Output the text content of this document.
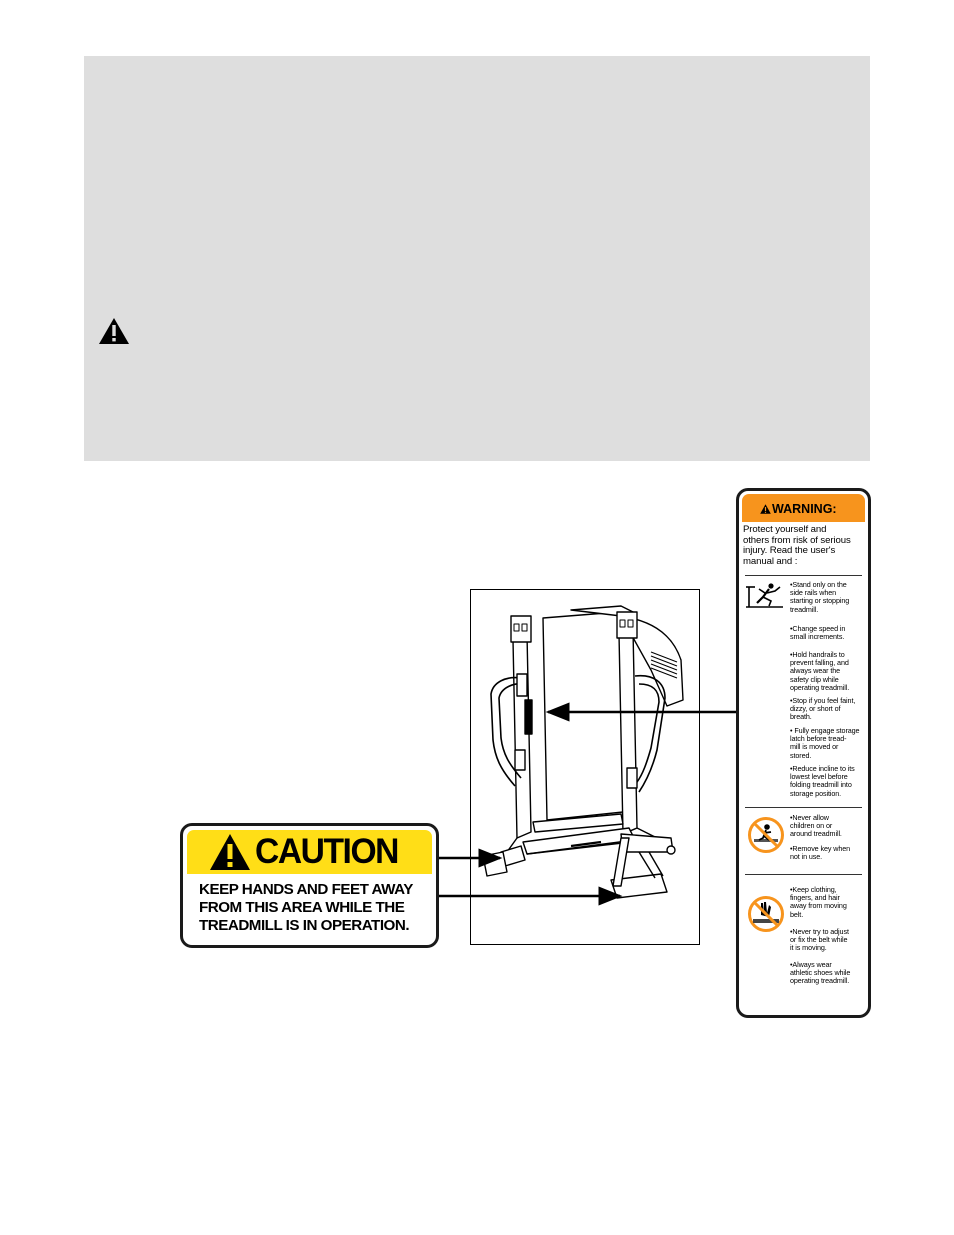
CAUTION
KEEP HANDS AND FEET AWAY
FROM THIS AREA WHILE THE
TREADMILL IS IN OPERATION.
WARNING:
Protect yourself and
others from risk of serious
injury. Read the user's
manual and :
•Stand only on the
side rails when
starting or stopping
treadmill.
•Change speed in
small increments.
•Hold handrails to
prevent falling, and
always wear the
safety clip while
operating treadmill.
•Stop if you feel faint,
dizzy, or short of
breath.
• Fully engage storage
latch before tread-
mill is moved or
stored.
•Reduce incline to its
lowest level before
folding treadmill into
storage position.
•Never allow
children on or
around treadmill.
•Remove key when
not in use.
•Keep clothing,
fingers, and hair
away from moving
belt.
•Never try to adjust
or fix the belt while
it is moving.
•Always wear
athletic shoes while
operating treadmill.
